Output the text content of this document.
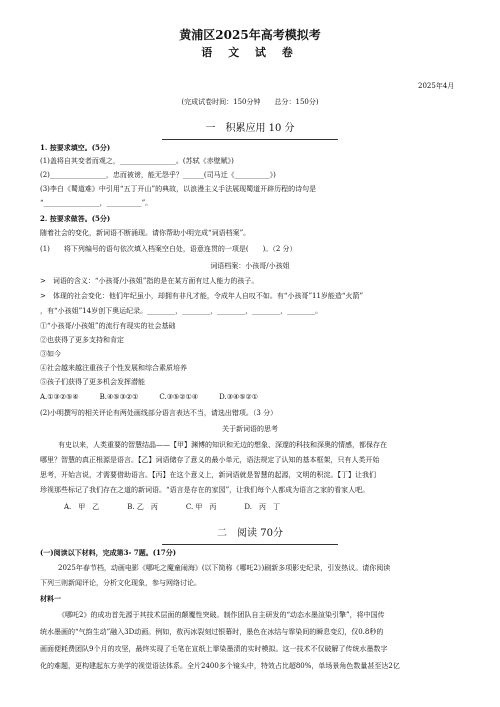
黄浦区2025年高考模拟考
语 文 试 卷
2025年4月
(完成试卷时间：150分钟　　总分：150分)
一　积累应用 10 分
1. 按要求填空。(5分)
(1)盖将自其变者而观之，________________。(苏轼《赤壁赋》)
(2)________________，忠而被谤，能无怨乎？______(司马迁《__________》)
(3)李白《蜀道难》中引用“五丁开山”的典故，以浪漫主义手法展现蜀道开辟历程的诗句是
“________________，__________”。
2. 按要求做答。(5分)
随着社会的变化，新词语不断涌现。请你帮助小明完成“词语档案”。
(1)　　将下列编号的语句依次填入档案空白处，语意连贯的一项是(　　)。（2 分）
词语档案：小孩哥/小孩姐
>　词语的含义：“小孩哥/小孩姐”指的是在某方面有过人能力的孩子。
>　体现的社会变化：他们年纪虽小，却拥有非凡才能，令成年人自叹不如。有“小孩哥”11岁能造“火箭”
，有“小孩姐”14岁创下奥运纪录。________，________，________，________，________。
①“小孩哥/小孩姐”的流行有现实的社会基础
②也获得了更多支持和肯定
③如今
④社会越来越注重孩子个性发展和综合素质培养
⑤孩子们获得了更多机会发挥潜能
A.①③②⑤④　　　B.④⑤③②①　　　C.③⑤②①④　　　D.③④⑤②①
(2)小明撰写的相关评论有两处画线部分语言表达不当，请选出错项。（3 分）
关于新词语的思考
有史以来，人类重要的智慧结晶——【甲】渊博的知识和无边的想象、深邃的科技和深奥的情感，都保存在
哪里？智慧的真正根源是语言。【乙】词语储存了意义的最小单元，语法规定了认知的基本框架，只有人类开始
思考，开始言说，才需要借助语言。【丙】在这个意义上，新词语就是智慧的起源，文明的积淀。【丁】让我们
珍视那些标记了我们存在之道的新词语。“语言是存在的家园”，让我们每个人都成为语言之家的看家人吧。
A.　甲　乙　　　　B. 乙　丙　　　　C. 甲　丙　　　　D.　丙　丁
二　阅读 70分
(一)阅读以下材料，完成第3- 7题。(17分)
2025年春节档，动画电影《哪吒之魔童闹海》(以下简称《哪吒2》)刷新多项影史纪录，引发热议。请你阅读
下列三则新闻评论，分析文化现象，参与网络讨论。
材料一
《哪吒2》的成功首先源于其技术层面的颠覆性突破。制作团队自主研发的“动态水墨渲染引擎”，将中国传
统水墨画的“气韵生动”融入3D动画。例如，敖丙冰裂刻过银幕时，墨色在冰结与霏染间的瞬息变幻，仅0.8秒的
画面便耗费团队9个月的攻坚，最终实现了毛笔在宣纸上霏染墨渍的实时模拟。这一技术不仅破解了传统水墨数字
化的难题，更构建起东方美学的视觉语法体系。全片2400多个镜头中，特效占比超80%，单场景角色数量甚至达2亿
